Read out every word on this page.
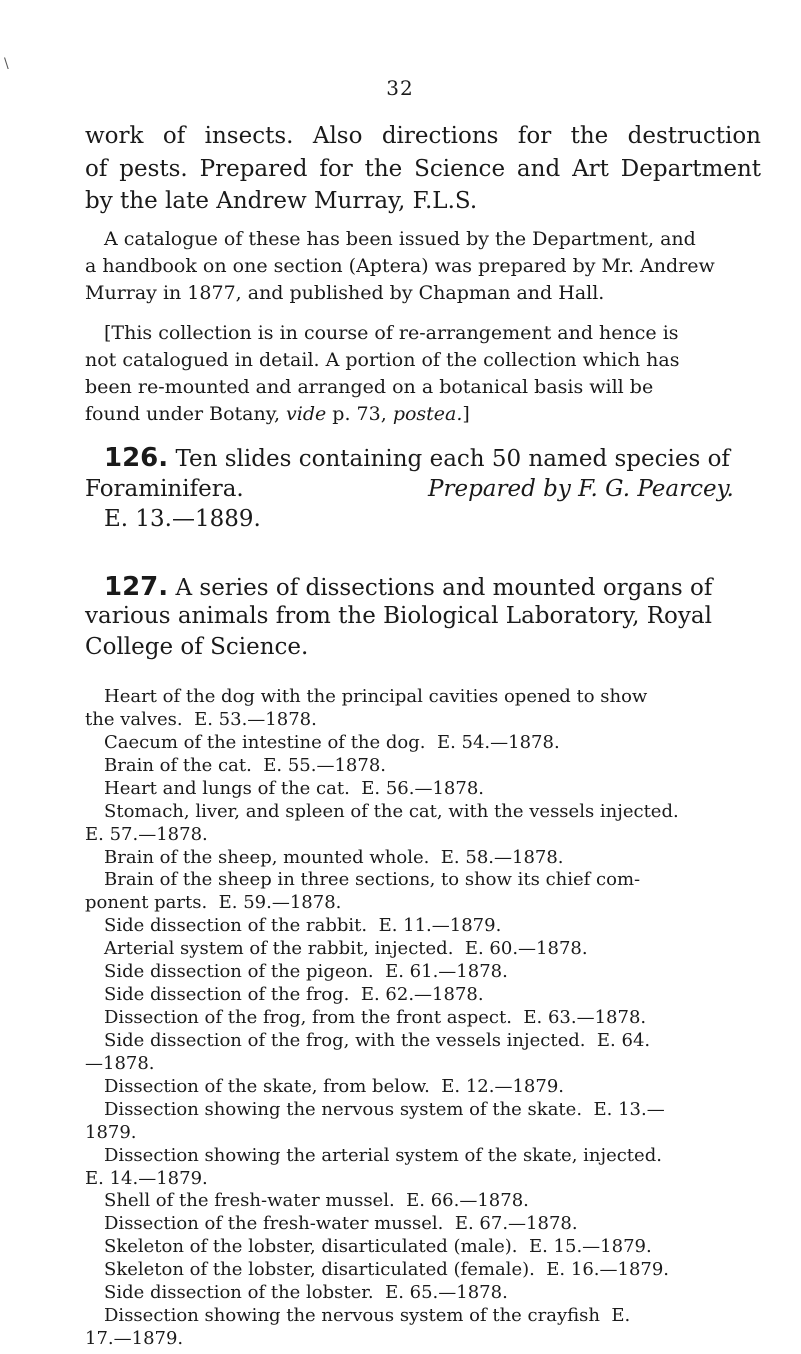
\
32
work of insects. Also directions for the destruction
of pests. Prepared for the Science and Art Department
by the late Andrew Murray, F.L.S.
A catalogue of these has been issued by the Department, and
a handbook on one section (Aptera) was prepared by Mr. Andrew
Murray in 1877, and published by Chapman and Hall.
[This collection is in course of re-arrangement and hence is
not catalogued in detail. A portion of the collection which has
been re-mounted and arranged on a botanical basis will be
found under Botany, vide p. 73, postea.]
126. Ten slides containing each 50 named species of
Foraminifera.	Prepared by F. G. Pearcey.
E. 13.—1889.
127. A series of dissections and mounted organs of
various animals from the Biological Laboratory, Royal
College of Science.
Heart of the dog with the principal cavities opened to show
the valves.  E. 53.—1878.
Caecum of the intestine of the dog.  E. 54.—1878.
Brain of the cat.  E. 55.—1878.
Heart and lungs of the cat.  E. 56.—1878.
Stomach, liver, and spleen of the cat, with the vessels injected.
E. 57.—1878.
Brain of the sheep, mounted whole.  E. 58.—1878.
Brain of the sheep in three sections, to show its chief com-
ponent parts.  E. 59.—1878.
Side dissection of the rabbit.  E. 11.—1879.
Arterial system of the rabbit, injected.  E. 60.—1878.
Side dissection of the pigeon.  E. 61.—1878.
Side dissection of the frog.  E. 62.—1878.
Dissection of the frog, from the front aspect.  E. 63.—1878.
Side dissection of the frog, with the vessels injected.  E. 64.
—1878.
Dissection of the skate, from below.  E. 12.—1879.
Dissection showing the nervous system of the skate.  E. 13.—
1879.
Dissection showing the arterial system of the skate, injected.
E. 14.—1879.
Shell of the fresh-water mussel.  E. 66.—1878.
Dissection of the fresh-water mussel.  E. 67.—1878.
Skeleton of the lobster, disarticulated (male).  E. 15.—1879.
Skeleton of the lobster, disarticulated (female).  E. 16.—1879.
Side dissection of the lobster.  E. 65.—1878.
Dissection showing the nervous system of the crayfish  E.
17.—1879.
